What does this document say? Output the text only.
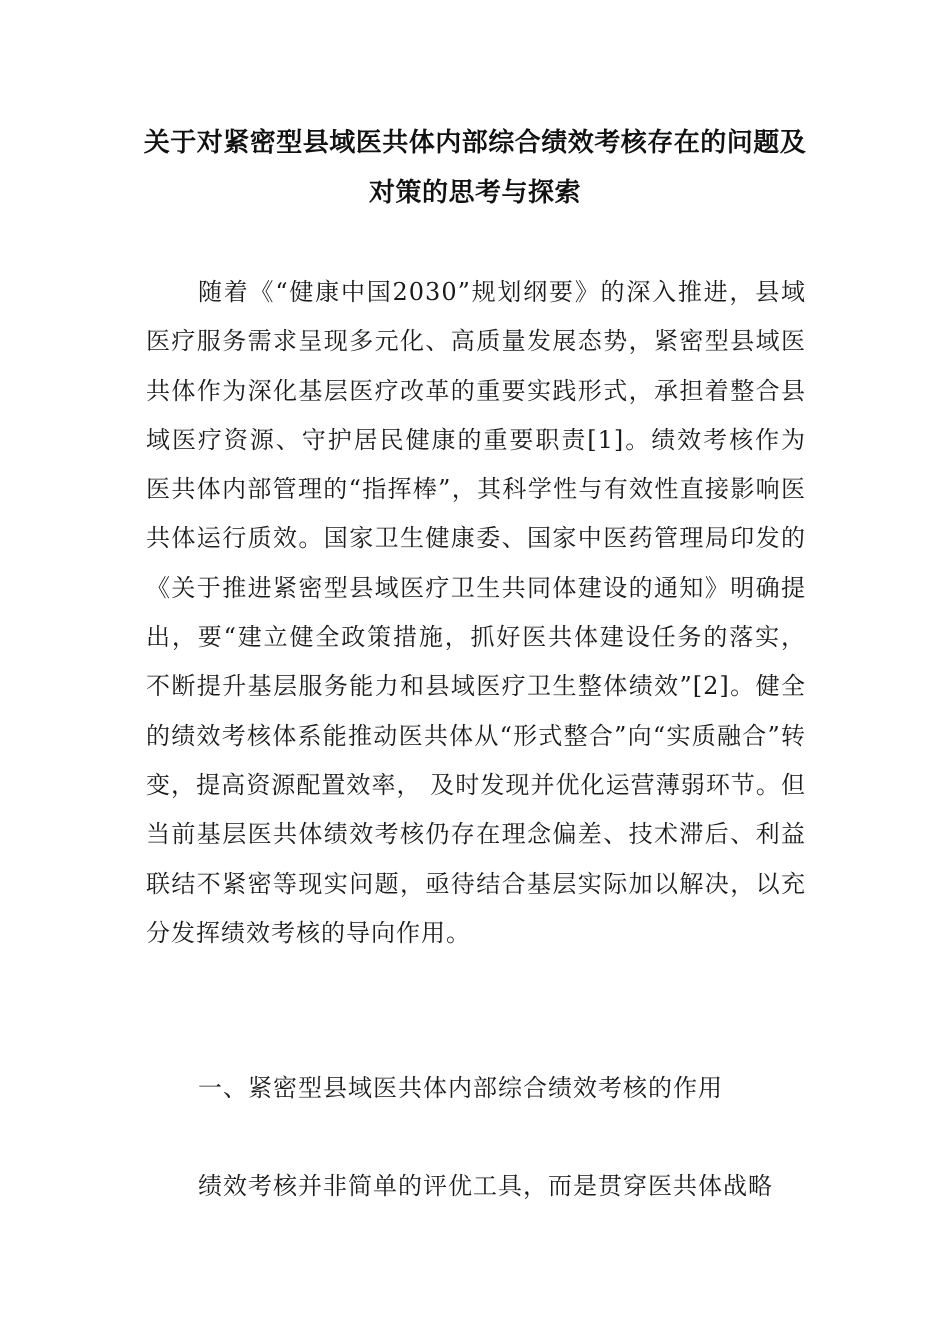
关于对紧密型县域医共体内部综合绩效考核存在的问题及对策的思考与探索

随着《“健康中国2030”规划纲要》的深入推进，县域医疗服务需求呈现多元化、高质量发展态势，紧密型县域医共体作为深化基层医疗改革的重要实践形式，承担着整合县域医疗资源、守护居民健康的重要职责[1]。绩效考核作为医共体内部管理的“指挥棒”，其科学性与有效性直接影响医共体运行质效。国家卫生健康委、国家中医药管理局印发的《关于推进紧密型县域医疗卫生共同体建设的通知》明确提出，要“建立健全政策措施，抓好医共体建设任务的落实，不断提升基层服务能力和县域医疗卫生整体绩效”[2]。健全的绩效考核体系能推动医共体从“形式整合”向“实质融合”转变，提高资源配置效率， 及时发现并优化运营薄弱环节。但当前基层医共体绩效考核仍存在理念偏差、技术滞后、利益联结不紧密等现实问题，亟待结合基层实际加以解决，以充分发挥绩效考核的导向作用。

一、紧密型县域医共体内部综合绩效考核的作用

绩效考核并非简单的评优工具，而是贯穿医共体战略
